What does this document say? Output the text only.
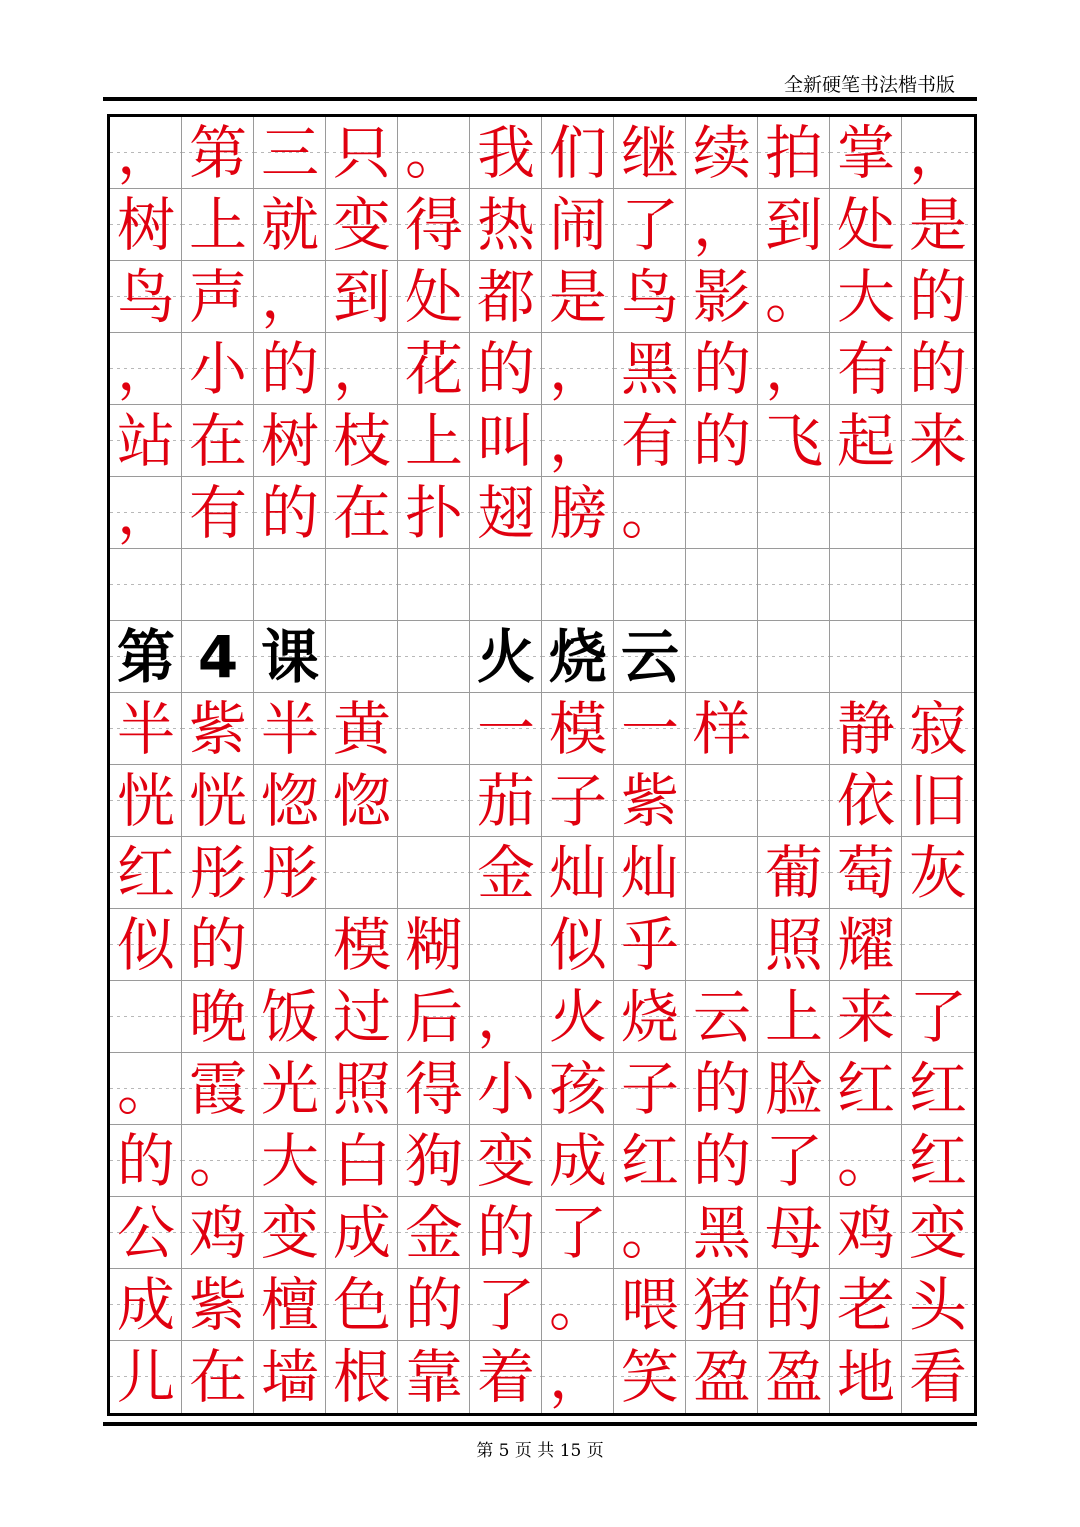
全新硬笔书法楷书版
， 第 三 只 。 我 们 继 续 拍 掌 ，
树 上 就 变 得 热 闹 了 ， 到 处 是
鸟 声 ， 到 处 都 是 鸟 影 。 大 的
， 小 的 ， 花 的 ， 黑 的 ， 有 的
站 在 树 枝 上 叫 ， 有 的 飞 起 来
， 有 的 在 扑 翅 膀 。
第 4 课	火 烧 云
半 紫 半 黄 一 模 一 样 静 寂
恍 恍 惚 惚 茄 子 紫	依 旧
红 彤 彤	金 灿 灿 葡 萄 灰
似 的 模 糊 似 乎 照 耀
晚 饭 过 后 ， 火 烧 云 上 来 了
。 霞 光 照 得 小 孩 子 的 脸 红 红
的 。 大 白 狗 变 成 红 的 了 。 红
公 鸡 变 成 金 的 了 。 黑 母 鸡 变
成 紫 檀 色 的 了 。 喂 猪 的 老 头
儿 在 墙 根 靠 着 ， 笑 盈 盈 地 看
第 5 页 共 15 页
